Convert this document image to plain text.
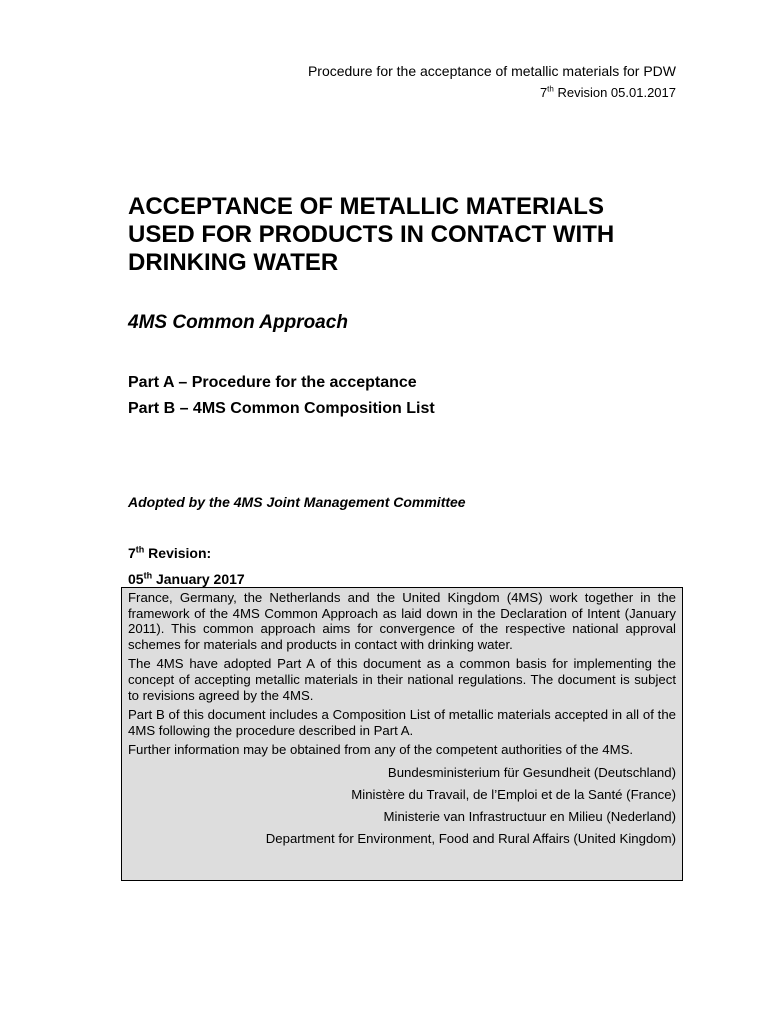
Procedure for the acceptance of metallic materials for PDW
7th Revision 05.01.2017
ACCEPTANCE OF METALLIC MATERIALS
USED FOR PRODUCTS IN CONTACT WITH
DRINKING WATER
4MS Common Approach
Part A – Procedure for the acceptance
Part B – 4MS Common Composition List
Adopted by the 4MS Joint Management Committee
7th Revision:
05th January 2017

France, Germany, the Netherlands and the United Kingdom (4MS) work together in the framework of the 4MS Common Approach as laid down in the Declaration of Intent (January 2011). This common approach aims for convergence of the respective national approval schemes for materials and products in contact with drinking water.

The 4MS have adopted Part A of this document as a common basis for implementing the concept of accepting metallic materials in their national regulations. The document is subject to revisions agreed by the 4MS.

Part B of this document includes a Composition List of metallic materials accepted in all of the 4MS following the procedure described in Part A.

Further information may be obtained from any of the competent authorities of the 4MS.

Bundesministerium für Gesundheit (Deutschland)
Ministère du Travail, de l’Emploi et de la Santé (France)
Ministerie van Infrastructuur en Milieu (Nederland)
Department for Environment, Food and Rural Affairs (United Kingdom)
